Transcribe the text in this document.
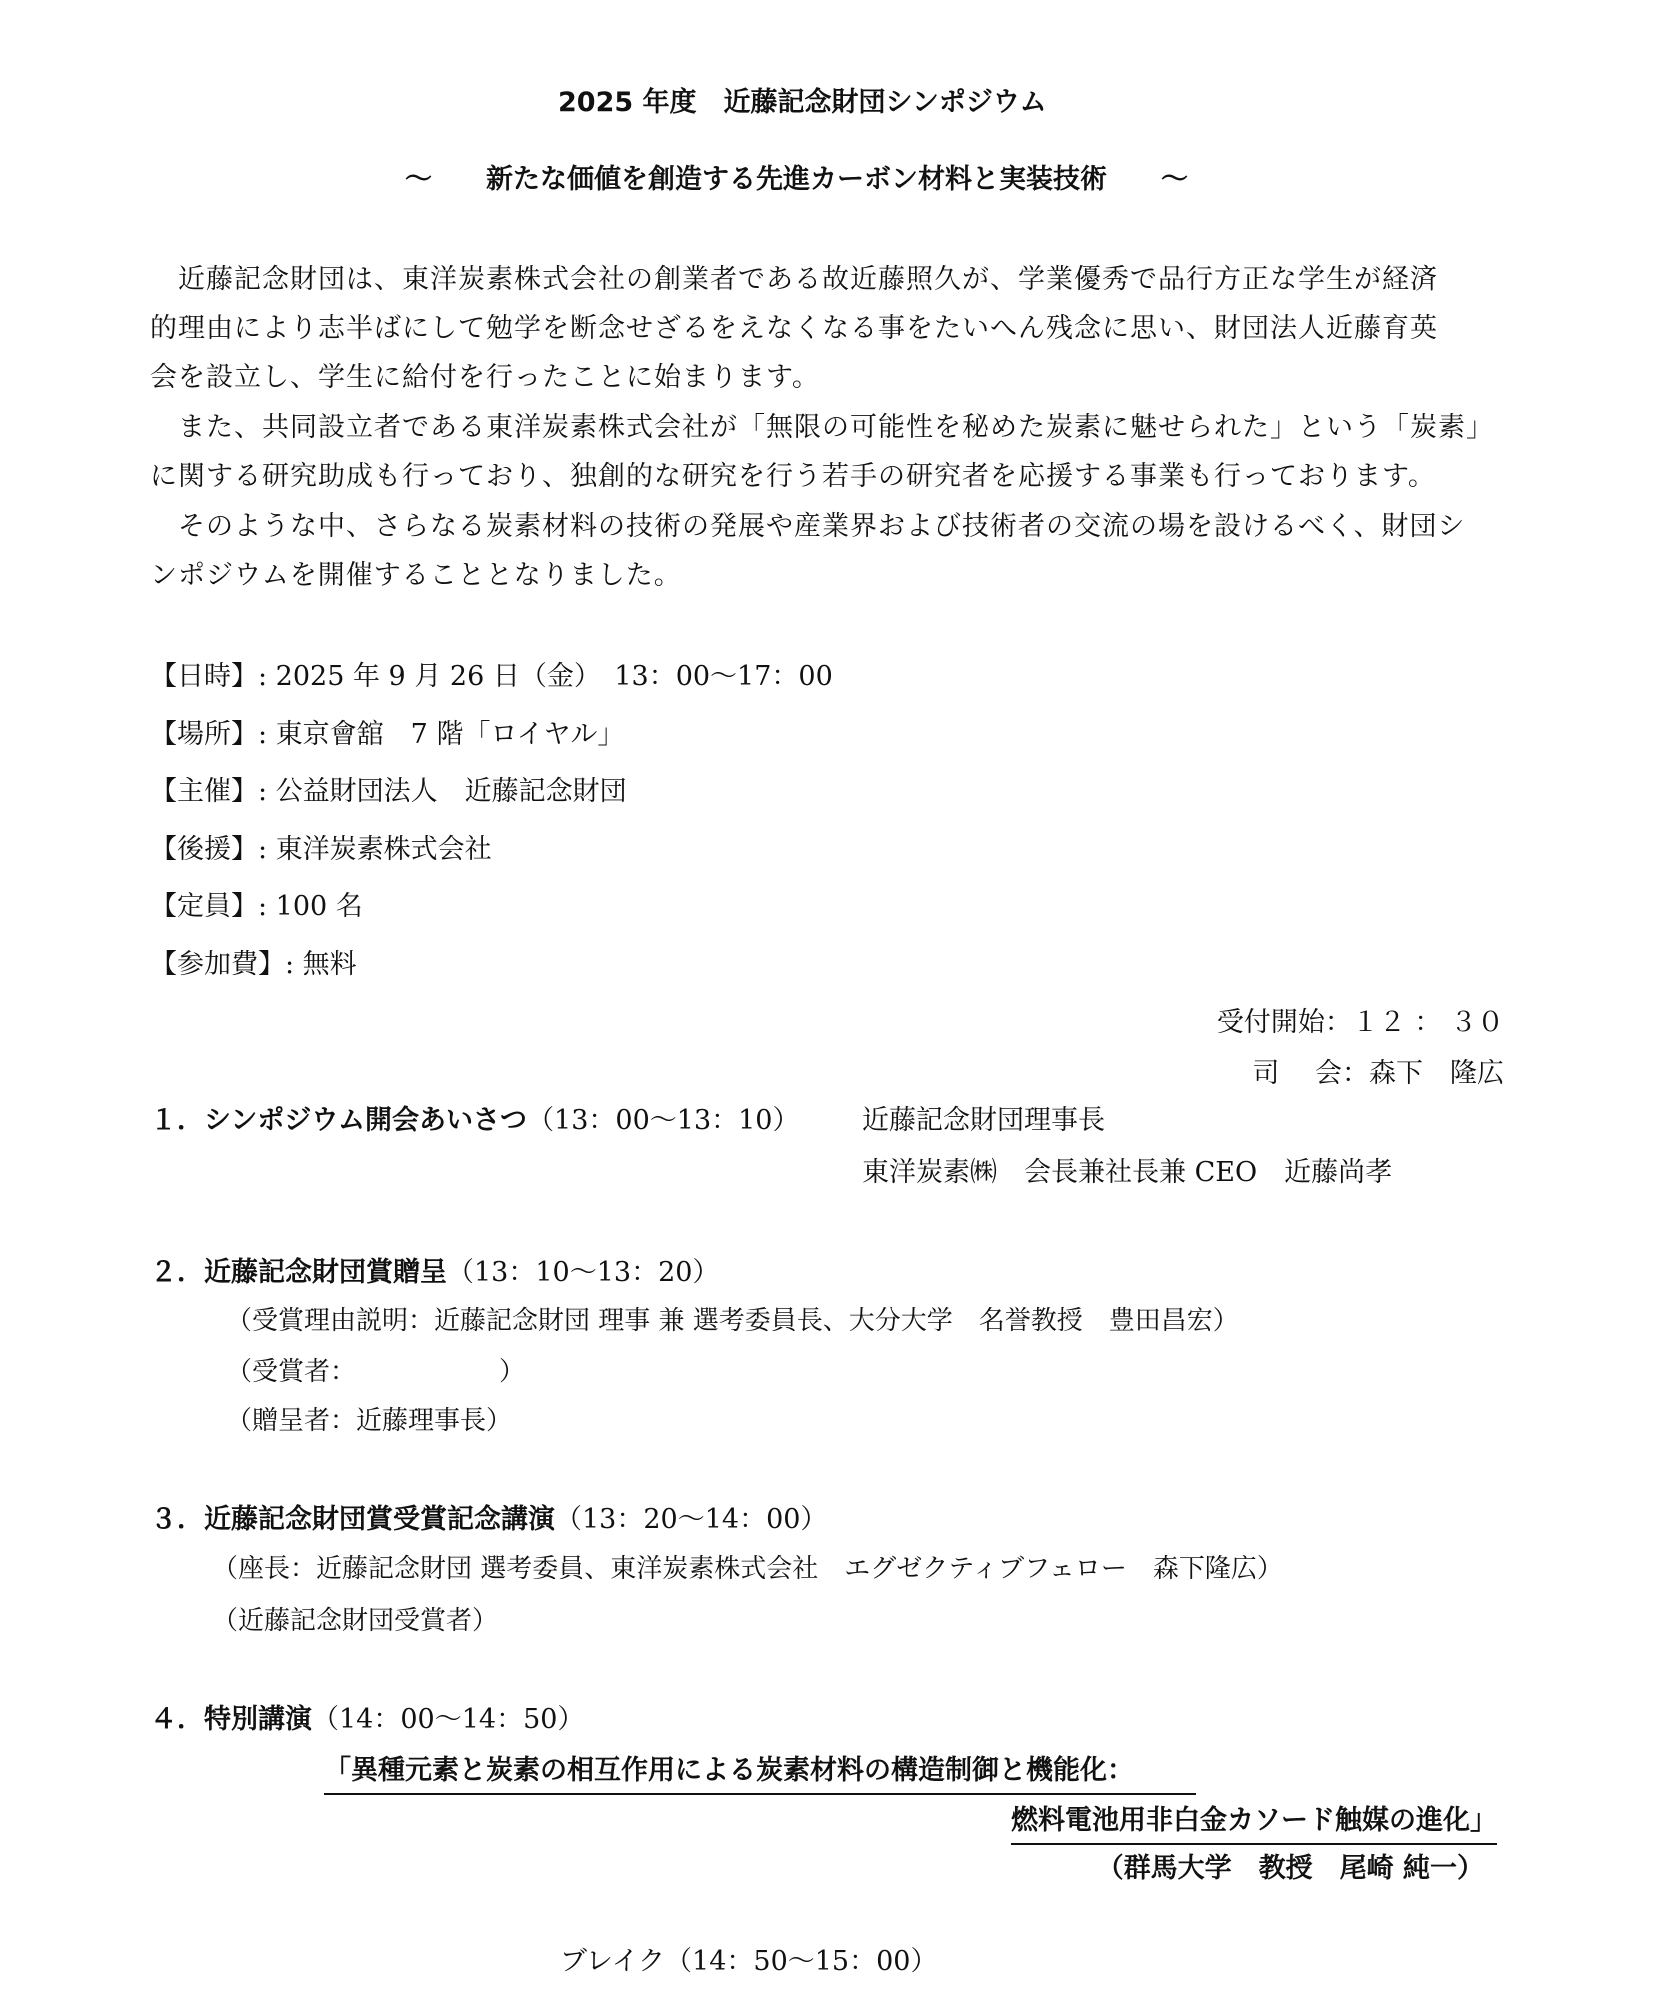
2025 年度　近藤記念財団シンポジウム
～　　新たな価値を創造する先進カーボン材料と実装技術　　～
近藤記念財団は、東洋炭素株式会社の創業者である故近藤照久が、学業優秀で品行方正な学生が経済
的理由により志半ばにして勉学を断念せざるをえなくなる事をたいへん残念に思い、財団法人近藤育英
会を設立し、学生に給付を行ったことに始まります。
また、共同設立者である東洋炭素株式会社が「無限の可能性を秘めた炭素に魅せられた」という「炭素」
に関する研究助成も行っており、独創的な研究を行う若手の研究者を応援する事業も行っております。
そのような中、さらなる炭素材料の技術の発展や産業界および技術者の交流の場を設けるべく、財団シ
ンポジウムを開催することとなりました。
【日時】: 2025 年 9 月 26 日（金）　13：00～17：00
【場所】: 東京會舘　7 階「ロイヤル」
【主催】: 公益財団法人　近藤記念財団
【後援】: 東洋炭素株式会社
【定員】: 100 名
【参加費】: 無料
受付開始：１２ ： ３０
司　 会：森下　隆広
１．シンポジウム開会あいさつ（13：00～13：10） 近藤記念財団理事長
東洋炭素㈱　会長兼社長兼 CEO　近藤尚孝
２．近藤記念財団賞贈呈（13：10～13：20）
（受賞理由説明：近藤記念財団 理事 兼 選考委員長、大分大学　名誉教授　豊田昌宏）
（受賞者：　　　　　　）
（贈呈者：近藤理事長）
３．近藤記念財団賞受賞記念講演（13：20～14：00）
（座長：近藤記念財団 選考委員、東洋炭素株式会社　エグゼクティブフェロー　森下隆広）
（近藤記念財団受賞者）
４．特別講演（14：00～14：50）
「異種元素と炭素の相互作用による炭素材料の構造制御と機能化：
燃料電池用非白金カソード触媒の進化」
（群馬大学　教授　尾崎 純一）
ブレイク（14：50～15：00）
